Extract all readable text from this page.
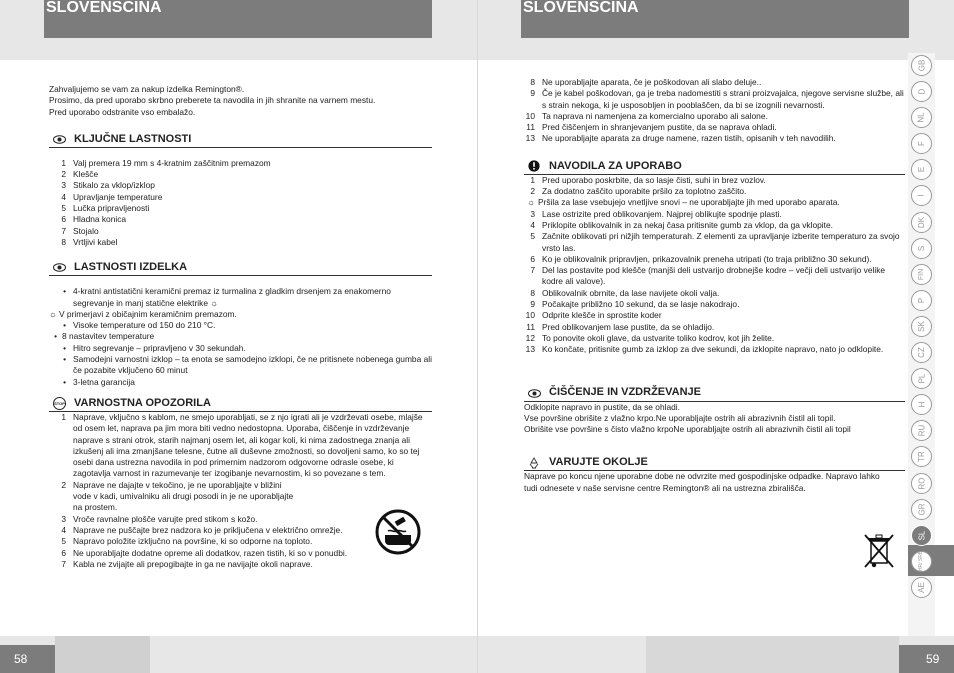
SLOVENŠČINA	SLOVENŠČINA
58	59

Zahvaljujemo se vam za nakup izdelka Remington®.

Prosimo, da pred uporabo skrbno preberete ta navodila in jih shranite na varnem mestu.

Pred uporabo odstranite vso embalažo.

KLJUČNE LASTNOSTI
1 Valj premera 19 mm s 4-kratnim zaščitnim premazom
2 Klešče
3 Stikalo za vklop/izklop
4 Upravljanje temperature
5 Lučka pripravljenosti
6 Hladna konica
7 Stojalo
8 Vrtljivi kabel
LASTNOSTI IZDELKA
• 4-kratni antistatični keramični premaz iz turmalina z gladkim drsenjem za enakomerno segrevanje in manj statične elektrike ☼
☼ V primerjavi z običajnim keramičnim premazom.
• Visoke temperature od 150 do 210 °C.
• 8 nastavitev temperature
• Hitro segrevanje – pripravljeno v 30 sekundah.
• Samodejni varnostni izklop – ta enota se samodejno izklopi, če ne pritisnete nobenega gumba ali če pozabite vključeno 60 minut
• 3-letna garancija
STOP VARNOSTNA OPOZORILA
1 Naprave, vključno s kablom, ne smejo uporabljati, se z njo igrati ali je vzdrževati osebe, mlajše od osem let, naprava pa jim mora biti vedno nedostopna. Uporaba, čiščenje in vzdrževanje naprave s strani otrok, starih najmanj osem let, ali kogar koli, ki nima zadostnega znanja ali izkušenj ali ima zmanjšane telesne, čutne ali duševne zmožnosti, so dovoljeni samo, ko so tej osebi dana ustrezna navodila in pod primernim nadzorom odgovorne odrasle osebe, ki zagotavlja varnost in razumevanje tег izogibanje nevarnostim, ki so povezane s tem.
2 Naprave ne dajajte v tekočino, je ne uporabljajte v bližini vode v kadi, umivalniku ali drugi posodi in je ne uporabljajte na prostem.
3 Vroče ravnalne plošče varujte pred stikom s kožo.
4 Naprave ne puščajte brez nadzora ko je priključena v električno omrežje.
5 Napravo položite izključno na površine, ki so odporne na toploto.
6 Ne uporabljajte dodatne opreme ali dodatkov, razen tistih, ki so v ponudbi.
7 Kabla ne zvijajte ali prepogibajte in ga ne navijajte okoli naprave.
8 Ne uporabljajte aparata, če je poškodovan ali slabo deluje..
9 Če je kabel poškodovan, ga je treba nadomestiti s strani proizvajalca, njegove servisne službe, ali s strain nekoga, ki je usposobljen in pooblaščen, da bi se izognili nevarnosti.
10 Ta naprava ni namenjena za komercialno uporabo ali salone.
11 Pred čiščenjem in shranjevanjem pustite, da se naprava ohladi.
13 Ne uporabljajte aparata za druge namene, razen tistih, opisanih v teh navodilih.
NAVODILA ZA UPORABO
1 Pred uporabo poskrbite, da so lasje čisti, suhi in brez vozlov.
2 Za dodatno zaščito uporabite pršilo za toplotno zaščito.
☼ Pršila za lase vsebujejo vnetljive snovi – ne uporabljajte jih med uporabo aparata.
3 Lase ostrizite pred oblikovanjem. Najprej oblikujte spodnje plasti.
4 Priklopite oblikovalnik in za nekaj časa pritisnite gumb za vklop, da ga vklopite.
5 Začnite oblikovati pri nižjih temperaturah. Z elementi za upravljanje izberite temperaturo za svojo vrsto las.
6 Ko je oblikovalnik pripravljen, prikazovalnik preneha utripati (to traja približno 30 sekund).
7 Del las postavite pod klešče (manjši deli ustvarijo drobnejše kodre – večji deli ustvarijo velike kodre ali valove).
8 Oblikovalnik obrnite, da lase navijete okoli valja.
9 Počakajte približno 10 sekund, da se lasje nakodrajo.
10 Odprite klešče in sprostite koder
11 Pred oblikovanjem lase pustite, da se ohladijo.
12 To ponovite okoli glave, da ustvarite toliko kodrov, kot jih želite.
13 Ko končate, pritisnite gumb za izklop za dve sekundi, da izklopite napravo, nato jo odklopite.
ČIŠČENJE IN VZDRŽEVANJE

Odklopite napravo in pustite, da se ohladi.

Vse površine obrišite z vlažno krpo.Ne uporabljajte ostrih ali abrazivnih čistil ali topil.

Obrišite vse površine s čisto vlažno krpoNe uporabljajte ostrih ali abrazivnih čistil ali topil

VARUJTE OKOLJE

Naprave po koncu njene uporabne dobe ne odvrzite med gospodinjske odpadke. Napravo lahko tudi odnesete v naše servisne centre Remington® ali na ustrezna zbirališča.

GB
D
NL
F
E
I
DK
S
FIN
P
SK
CZ
PL
H
RU
TR
RO
GR
SL
HR/ SRB
AE
